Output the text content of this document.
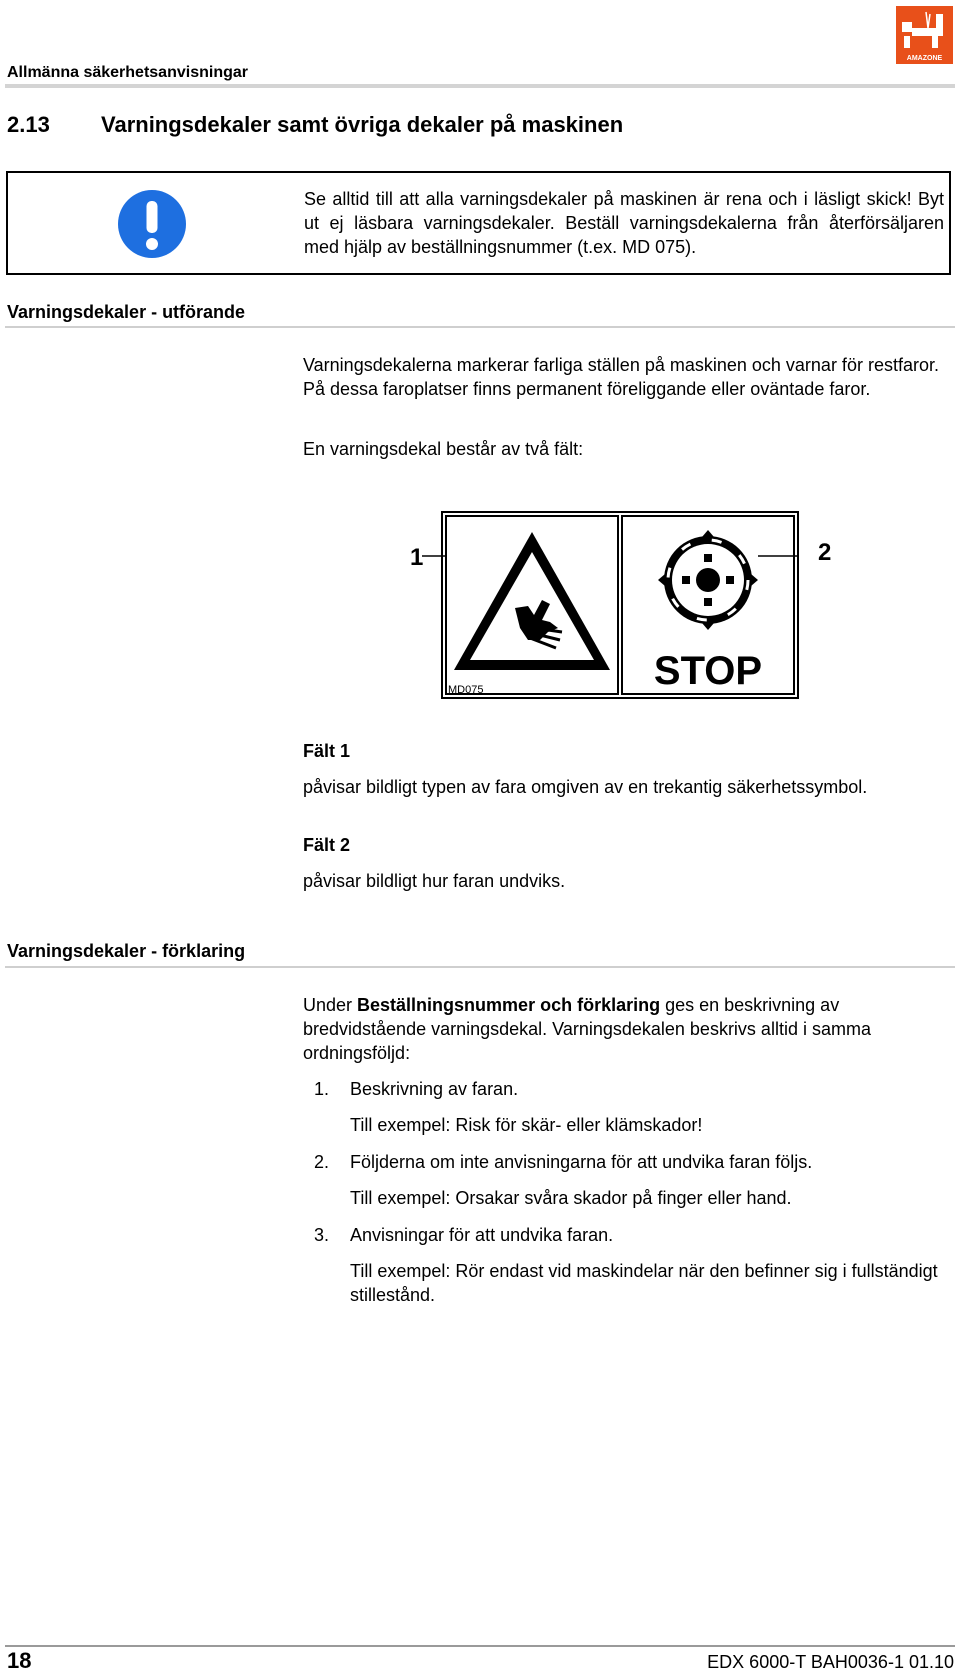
Allmänna säkerhetsanvisningar
AMAZONE
2.13 Varningsdekaler samt övriga dekaler på maskinen
Se alltid till att alla varningsdekaler på maskinen är rena och i läsligt skick! Byt ut ej läsbara varningsdekaler. Beställ varningsdekalerna från återförsäljaren med hjälp av beställningsnummer (t.ex. MD 075).
Varningsdekaler - utförande
Varningsdekalerna markerar farliga ställen på maskinen och varnar för restfaror. På dessa faroplatser finns permanent föreliggande eller oväntade faror.
En varningsdekal består av två fält:
STOP
MD075
1	2
Fält 1
påvisar bildligt typen av fara omgiven av en trekantig säkerhetssymbol.
Fält 2
påvisar bildligt hur faran undviks.
Varningsdekaler - förklaring
Under Beställningsnummer och förklaring ges en beskrivning av bredvidstående varningsdekal. Varningsdekalen beskrivs alltid i samma ordningsföljd:
1. Beskrivning av faran.
Till exempel: Risk för skär- eller klämskador!
2. Följderna om inte anvisningarna för att undvika faran följs.
Till exempel: Orsakar svåra skador på finger eller hand.
3. Anvisningar för att undvika faran.
Till exempel: Rör endast vid maskindelar när den befinner sig i fullständigt stillestånd.
18	EDX 6000-T BAH0036-1 01.10
